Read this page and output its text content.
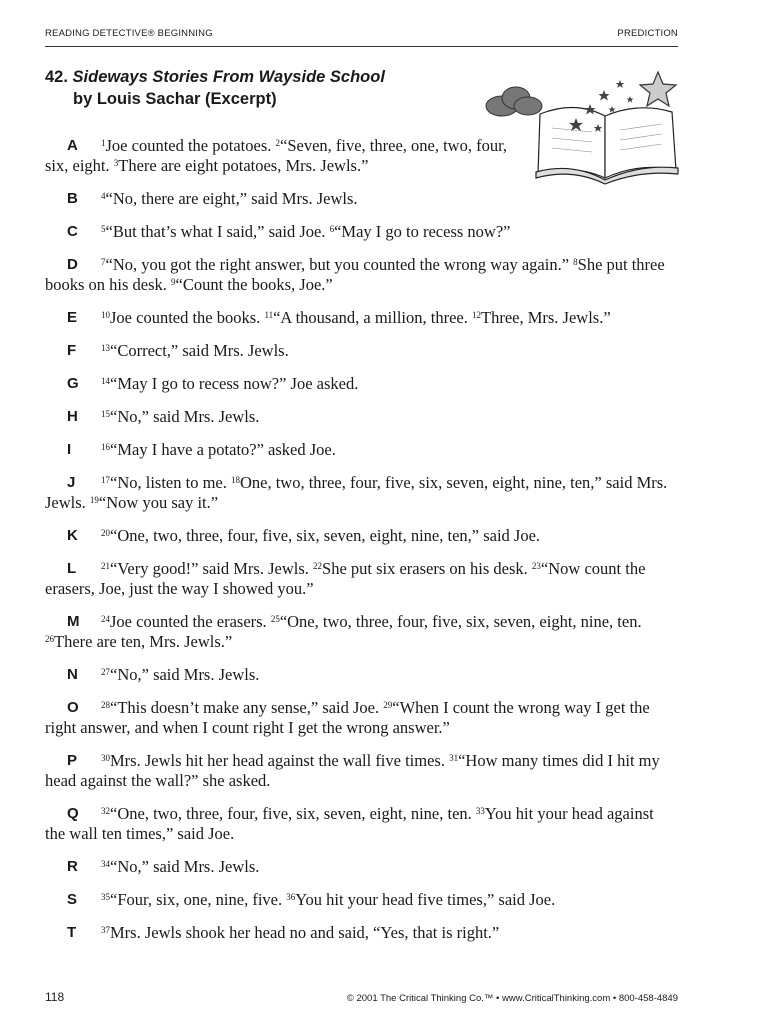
READING DETECTIVE® BEGINNING	PREDICTION
42. Sideways Stories From Wayside School
by Louis Sachar (Excerpt)
A	$^1$Joe counted the potatoes. $^2$“Seven, five, three, one, two, four, six, eight. $^3$There are eight potatoes, Mrs. Jewls.”
B	$^4$“No, there are eight,” said Mrs. Jewls.
C	$^5$“But that’s what I said,” said Joe. $^6$“May I go to recess now?”
D	$^7$“No, you got the right answer, but you counted the wrong way again.” $^8$She put three books on his desk. $^9$“Count the books, Joe.”
E	$^{10}$Joe counted the books. $^{11}$“A thousand, a million, three. $^{12}$Three, Mrs. Jewls.”
F	$^{13}$“Correct,” said Mrs. Jewls.
G	$^{14}$“May I go to recess now?” Joe asked.
H	$^{15}$“No,” said Mrs. Jewls.
I	$^{16}$“May I have a potato?” asked Joe.
J	$^{17}$“No, listen to me. $^{18}$One, two, three, four, five, six, seven, eight, nine, ten,” said Mrs. Jewls. $^{19}$“Now you say it.”
K	$^{20}$“One, two, three, four, five, six, seven, eight, nine, ten,” said Joe.
L	$^{21}$“Very good!” said Mrs. Jewls. $^{22}$She put six erasers on his desk. $^{23}$“Now count the erasers, Joe, just the way I showed you.”
M	$^{24}$Joe counted the erasers. $^{25}$“One, two, three, four, five, six, seven, eight, nine, ten. $^{26}$There are ten, Mrs. Jewls.”
N	$^{27}$“No,” said Mrs. Jewls.
O	$^{28}$“This doesn’t make any sense,” said Joe. $^{29}$“When I count the wrong way I get the right answer, and when I count right I get the wrong answer.”
P	$^{30}$Mrs. Jewls hit her head against the wall five times. $^{31}$“How many times did I hit my head against the wall?” she asked.
Q	$^{32}$“One, two, three, four, five, six, seven, eight, nine, ten. $^{33}$You hit your head against the wall ten times,” said Joe.
R	$^{34}$“No,” said Mrs. Jewls.
S	$^{35}$“Four, six, one, nine, five. $^{36}$You hit your head five times,” said Joe.
T	$^{37}$Mrs. Jewls shook her head no and said, “Yes, that is right.”
118	© 2001 The Critical Thinking Co.™ • www.CriticalThinking.com • 800-458-4849
